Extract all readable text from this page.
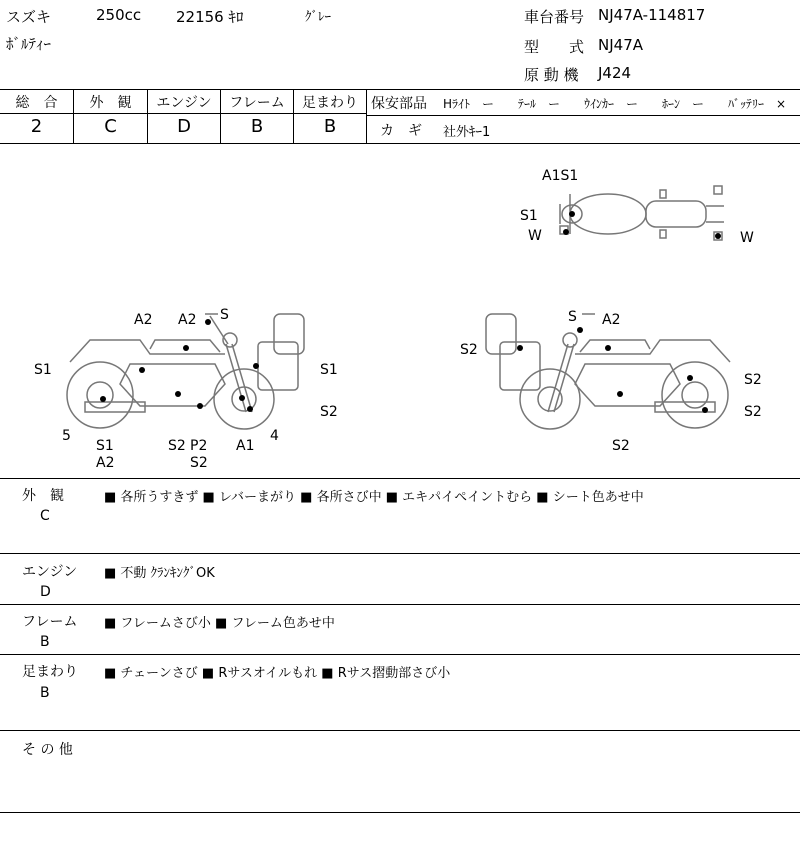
スズキ	250cc 22156 ｷﾛ	ｸﾞﾚｰ
ﾎﾞﾙﾃｨｰ
車台番号 NJ47A-114817
型　　式 NJ47A
原 動 機 J424
総　合	外　観	エンジン	フレーム	足まわり
2	C	D	B	B
保安部品 Hﾗｲﾄ　ー　　ﾃｰﾙ　ー　　ｳｲﾝｶｰ　ー　　ﾎｰﾝ　ー　　ﾊﾞｯﾃﾘｰ　×
カ　ギ 社外ｷｰ1
A1S1
S1
W	W
A2 A2 S
S1	S1
S2
5
S1
A2
S2 P2
S2
A1
4
S A2
S2
S2
S2
S2
外　観
C
■ 各所うすきず ■ レバーまがり ■ 各所さび中 ■ エキパイペイントむら ■ シート色あせ中
エンジン
D
■ 不動 ｸﾗﾝｷﾝｸﾞOK
フレーム
B
■ フレームさび小 ■ フレーム色あせ中
足まわり
B
■ チェーンさび ■ Rサスオイルもれ ■ Rサス摺動部さび小
そ の 他
